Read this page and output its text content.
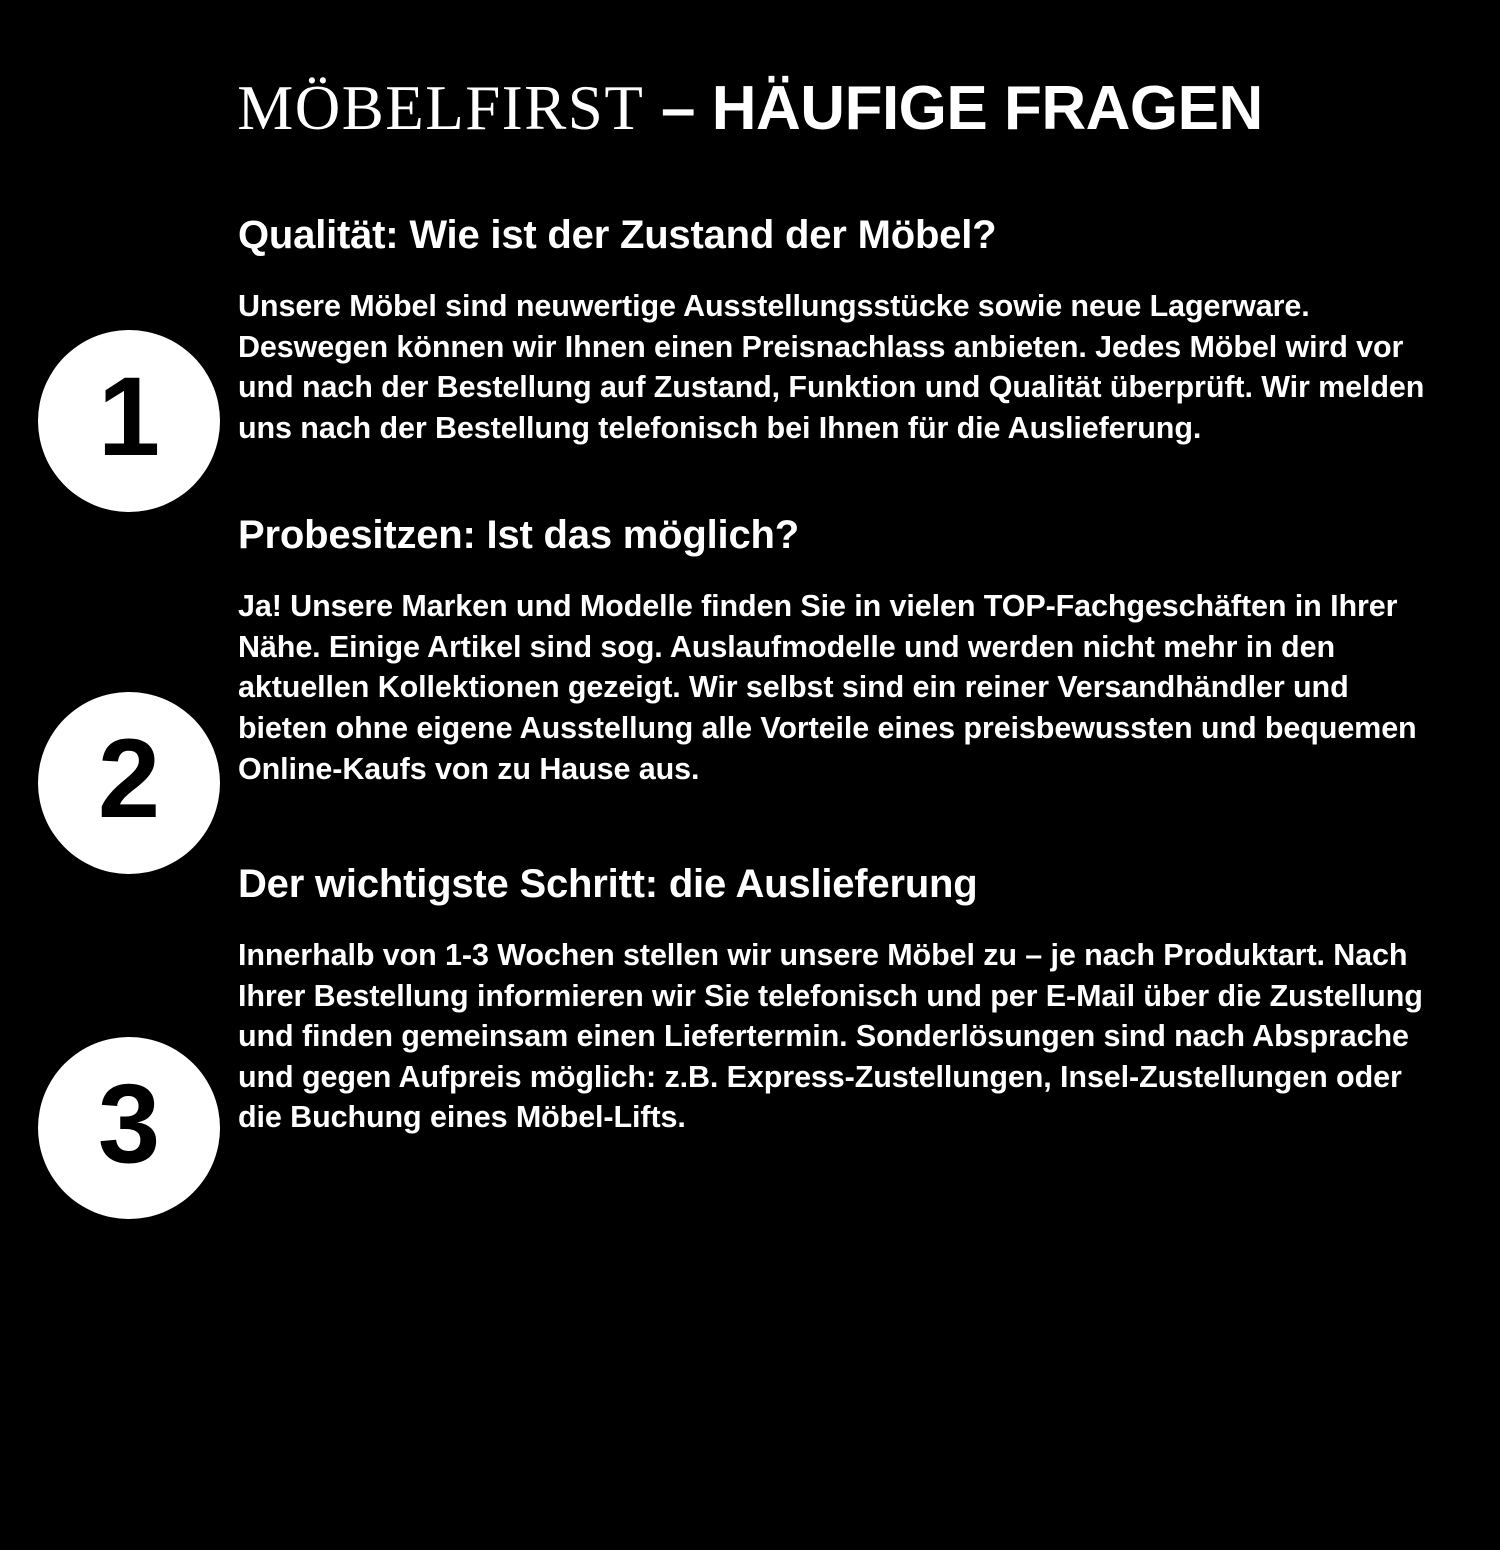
MÖBELFIRST – HÄUFIGE FRAGEN
1
Qualität: Wie ist der Zustand der Möbel?

Unsere Möbel sind neuwertige Ausstellungsstücke sowie neue Lagerware. Deswegen können wir Ihnen einen Preisnachlass anbieten. Jedes Möbel wird vor und nach der Bestellung auf Zustand, Funktion und Qualität überprüft. Wir melden uns nach der Bestellung telefonisch bei Ihnen für die Auslieferung.

2
Probesitzen: Ist das möglich?

Ja! Unsere Marken und Modelle finden Sie in vielen TOP-Fachgeschäften in Ihrer Nähe. Einige Artikel sind sog. Auslaufmodelle und werden nicht mehr in den aktuellen Kollektionen gezeigt. Wir selbst sind ein reiner Versandhändler und bieten ohne eigene Ausstellung alle Vorteile eines preisbewussten und bequemen Online-Kaufs von zu Hause aus.

3
Der wichtigste Schritt: die Auslieferung

Innerhalb von 1-3 Wochen stellen wir unsere Möbel zu – je nach Produktart. Nach Ihrer Bestellung informieren wir Sie telefonisch und per E-Mail über die Zustellung und finden gemeinsam einen Liefertermin. Sonderlösungen sind nach Absprache und gegen Aufpreis möglich: z.B. Express-Zustellungen, Insel-Zustellungen oder die Buchung eines Möbel-Lifts.
